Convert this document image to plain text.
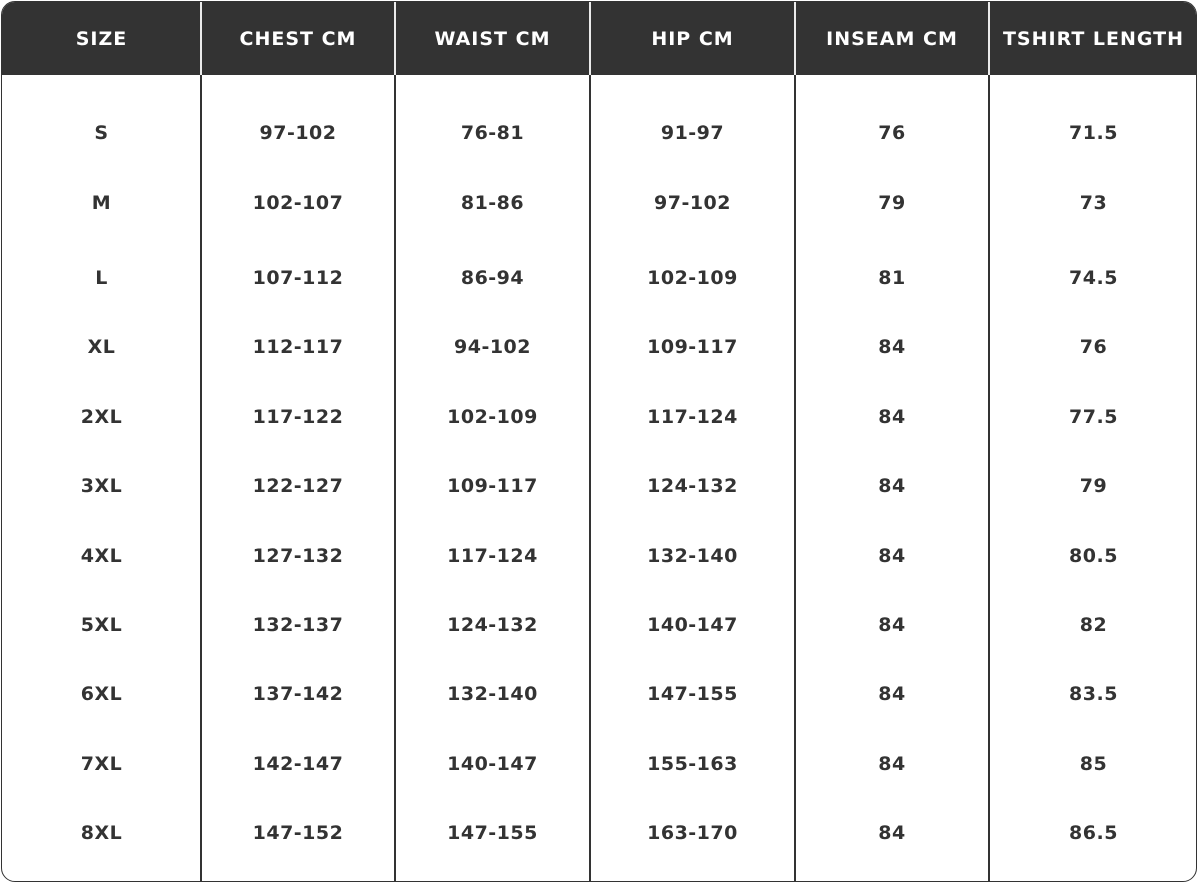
SIZE	CHEST CM	WAIST CM	HIP CM	INSEAM CM	TSHIRT LENGTH
S	97-102	76-81	91-97	76	71.5
M	102-107	81-86	97-102	79	73
L	107-112	86-94	102-109	81	74.5
XL	112-117	94-102	109-117	84	76
2XL	117-122	102-109	117-124	84	77.5
3XL	122-127	109-117	124-132	84	79
4XL	127-132	117-124	132-140	84	80.5
5XL	132-137	124-132	140-147	84	82
6XL	137-142	132-140	147-155	84	83.5
7XL	142-147	140-147	155-163	84	85
8XL	147-152	147-155	163-170	84	86.5
